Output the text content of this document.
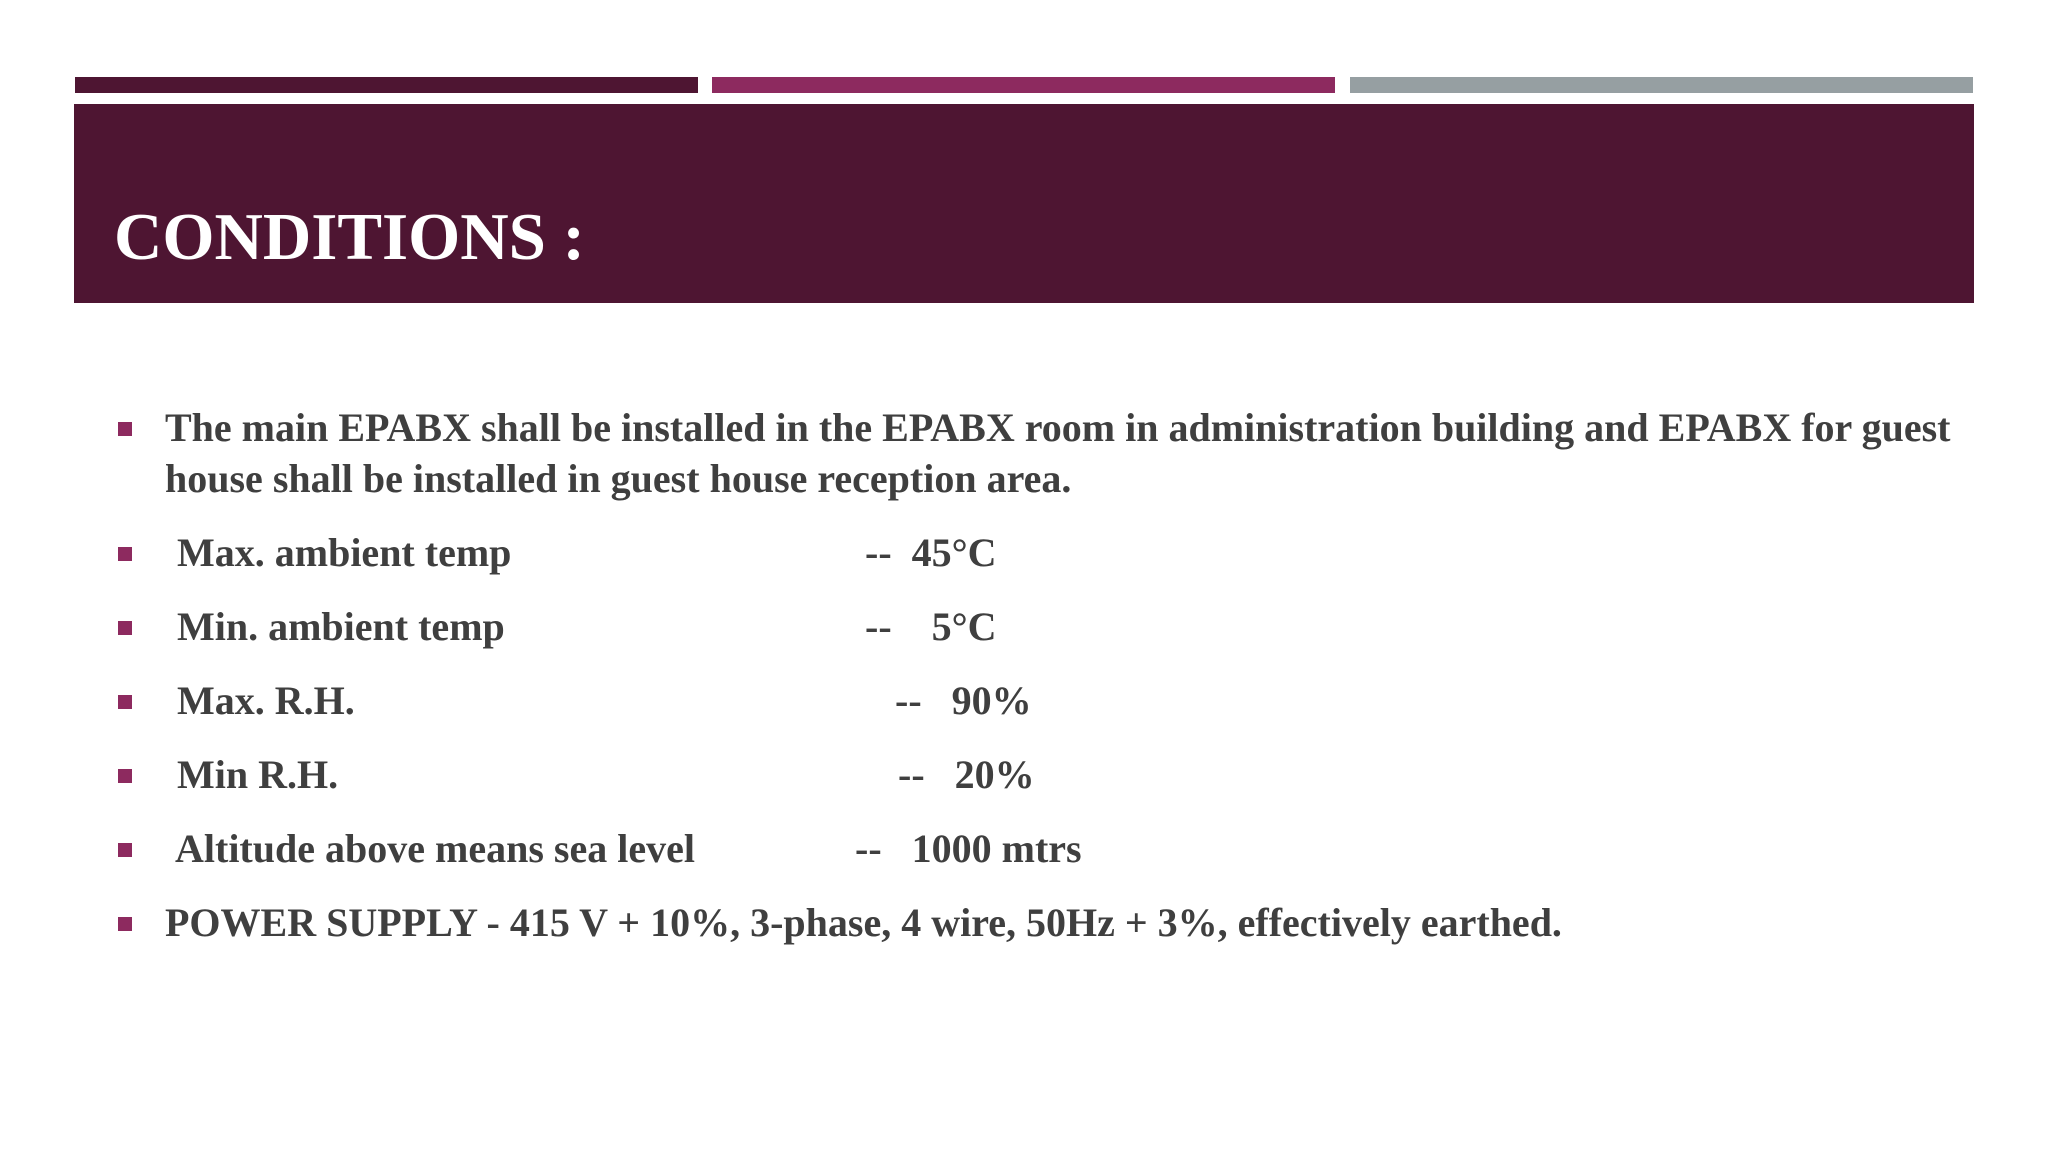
CONDITIONS :
The main EPABX shall be installed in the EPABX room in administration building and EPABX for guest house shall be installed in guest house reception area.
Max. ambient temp	--  45°C
Min. ambient temp	--    5°C
Max. R.H.	--   90%
Min R.H.	--   20%
Altitude above means sea level	--   1000 mtrs
POWER SUPPLY - 415 V + 10%, 3-phase, 4 wire, 50Hz + 3%, effectively earthed.
